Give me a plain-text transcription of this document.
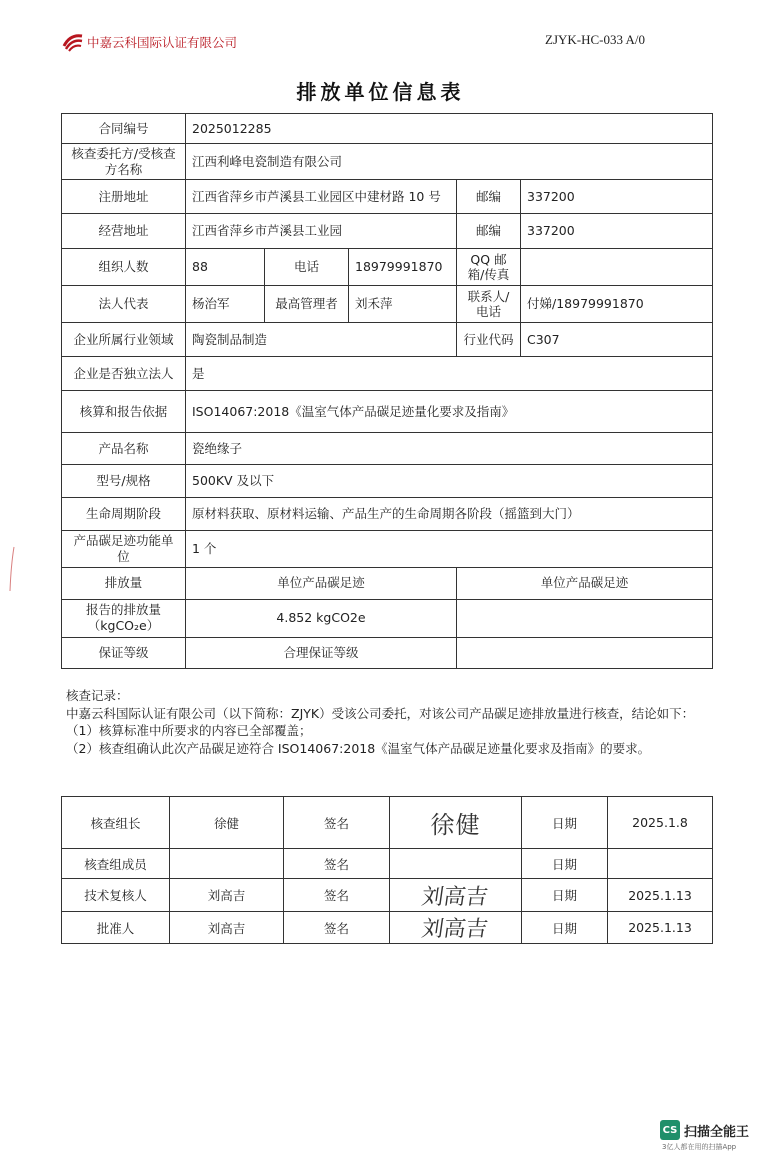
中嘉云科国际认证有限公司	ZJYK-HC-033 A/0
排放单位信息表
合同编号	2025012285				
核查委托方/受核查方名称	江西利峰电瓷制造有限公司				
注册地址	江西省萍乡市芦溪县工业园区中建材路 10 号			邮编	337200
经营地址	江西省萍乡市芦溪县工业园			邮编	337200
组织人数	88	电话	18979991870	QQ 邮箱/传真	
法人代表	杨治军	最高管理者	刘禾萍	联系人/电话	付娣/18979991870
企业所属行业领域	陶瓷制品制造			行业代码	C307
企业是否独立法人	是				
核算和报告依据	ISO14067:2018《温室气体产品碳足迹量化要求及指南》				
产品名称	瓷绝缘子				
型号/规格	500KV 及以下				
生命周期阶段	原材料获取、原材料运输、产品生产的生命周期各阶段（摇篮到大门）				
产品碳足迹功能单位	1 个				
排放量	单位产品碳足迹			单位产品碳足迹	
报告的排放量（kgCO₂e）	4.852 kgCO2e				
保证等级	合理保证等级				
核查记录：
中嘉云科国际认证有限公司（以下简称：ZJYK）受该公司委托，对该公司产品碳足迹排放量进行核查，结论如下：
（1）核算标准中所要求的内容已全部覆盖；
（2）核查组确认此次产品碳足迹符合 ISO14067:2018《温室气体产品碳足迹量化要求及指南》的要求。
核查组长	徐健	签名	徐健	日期	2025.1.8
核查组成员		签名		日期	
技术复核人	刘高吉	签名	刘高吉	日期	2025.1.13
批准人	刘高吉	签名	刘高吉	日期	2025.1.13
CS 扫描全能王
3亿人都在用的扫描App
